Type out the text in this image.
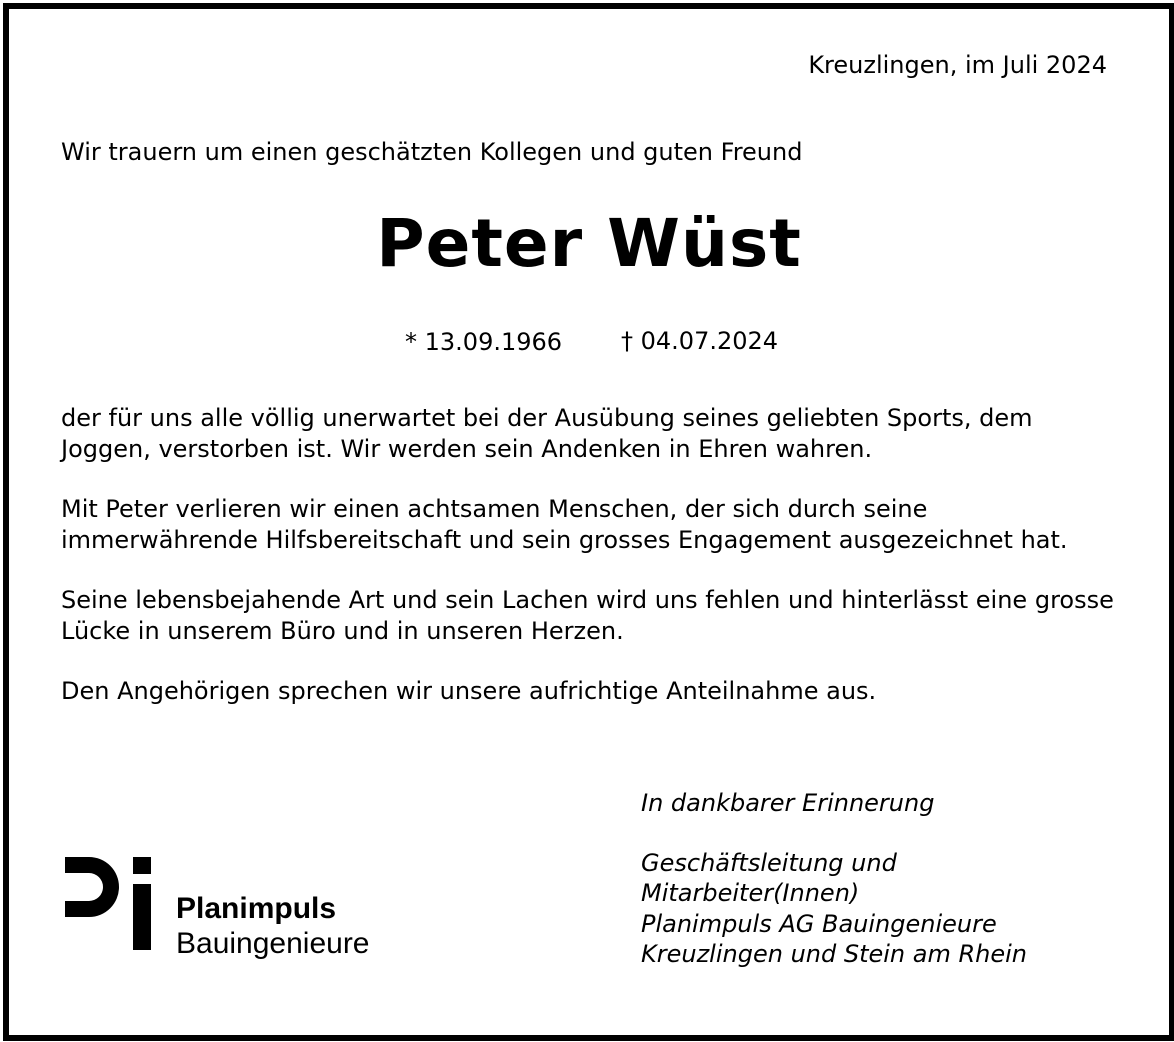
Kreuzlingen, im Juli 2024
Wir trauern um einen geschätzten Kollegen und guten Freund
Peter Wüst
* 13.09.1966 † 04.07.2024

der für uns alle völlig unerwartet bei der Ausübung seines geliebten Sports, dem Joggen, verstorben ist. Wir werden sein Andenken in Ehren wahren.

Mit Peter verlieren wir einen achtsamen Menschen, der sich durch seine immerwährende Hilfsbereitschaft und sein grosses Engagement ausgezeichnet hat.

Seine lebensbejahende Art und sein Lachen wird uns fehlen und hinterlässt eine grosse Lücke in unserem Büro und in unseren Herzen.

Den Angehörigen sprechen wir unsere aufrichtige Anteilnahme aus.

In dankbarer Erinnerung
Geschäftsleitung und
Mitarbeiter(Innen)
Planimpuls AG Bauingenieure
Kreuzlingen und Stein am Rhein
Planimpuls
Bauingenieure
